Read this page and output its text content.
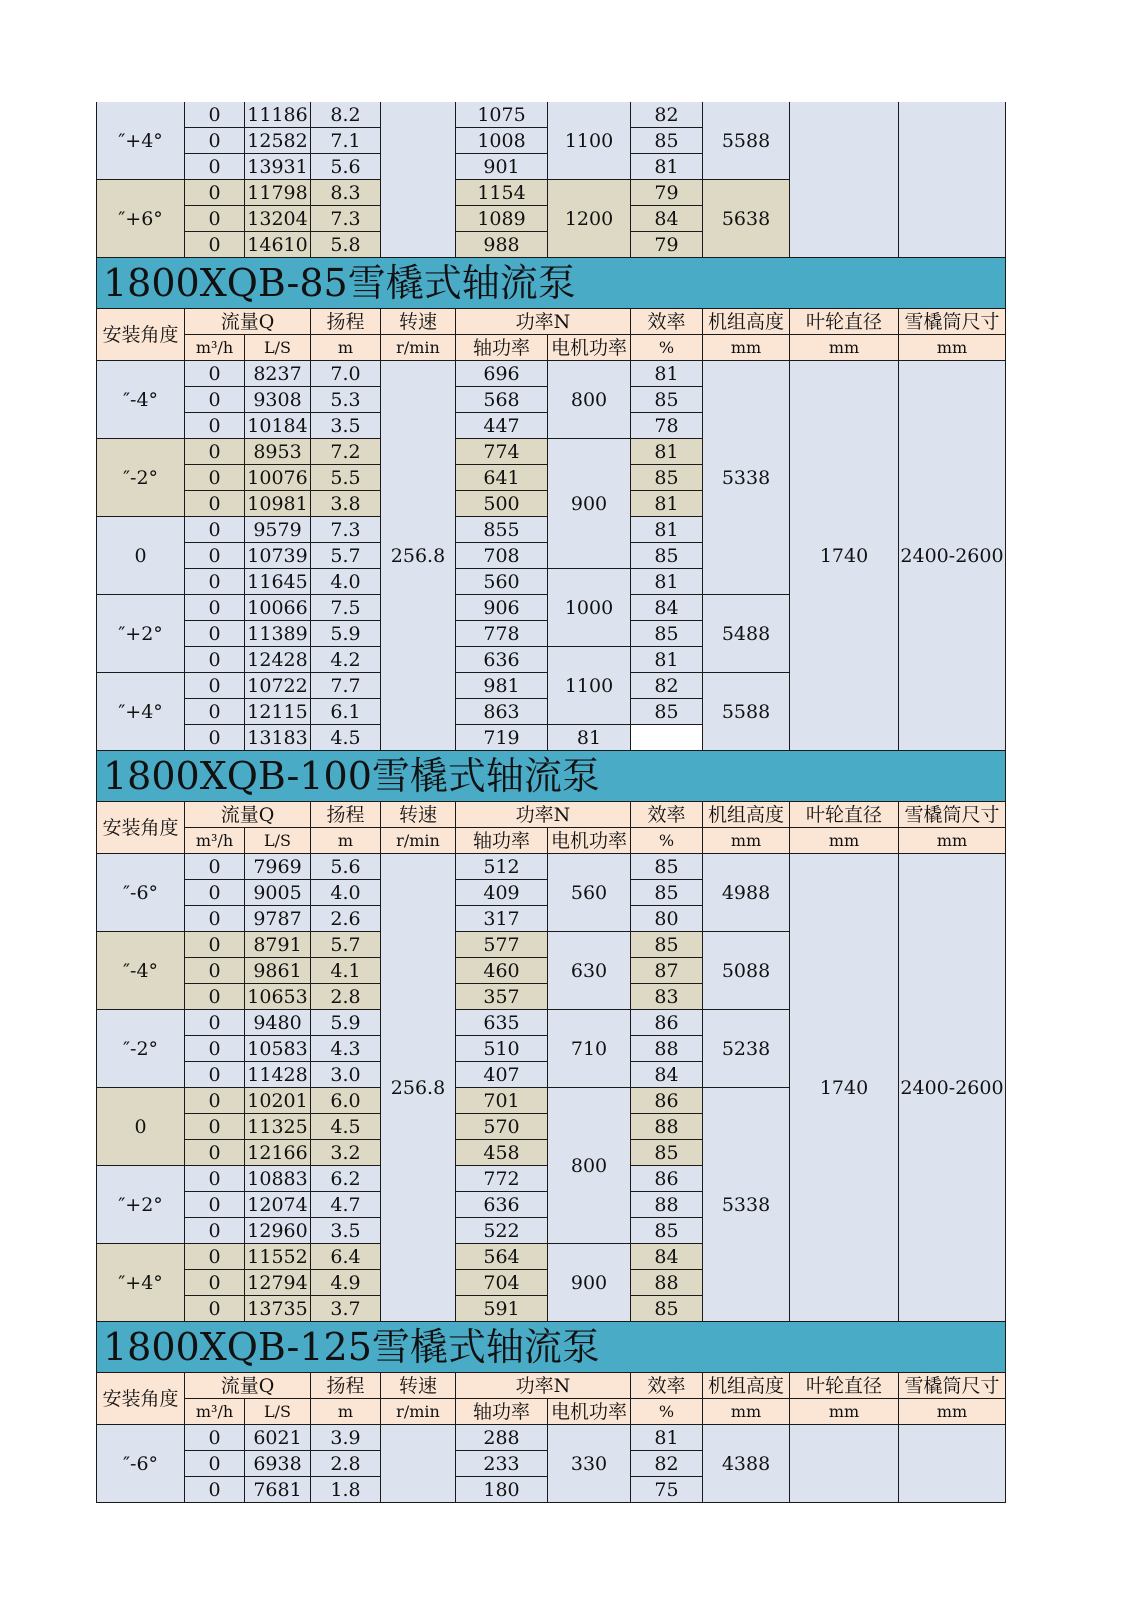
″+4°	0	11186	8.2		1075	1100	82	5588		
	0	12582	7.1		1008		85			
	0	13931	5.6		901		81			
″+6°	0	11798	8.3		1154	1200	79	5638		
	0	13204	7.3		1089		84			
	0	14610	5.8		988		79			
1800XQB-85雪橇式轴流泵										
安装角度	流量Q		扬程	转速	功率N		效率	机组高度	叶轮直径	雪橇筒尺寸
	m³/h	L/S	m	r/min	轴功率	电机功率	%	mm	mm	mm
″-4°	0	8237	7.0	256.8	696	800	81	5338	1740	2400-2600
	0	9308	5.3		568		85			
	0	10184	3.5		447		78			
″-2°	0	8953	7.2		774	900	81			
	0	10076	5.5		641		85			
	0	10981	3.8		500		81			
0	0	9579	7.3		855		81			
	0	10739	5.7		708		85			
	0	11645	4.0		560	1000	81			
″+2°	0	10066	7.5		906		84	5488		
	0	11389	5.9		778		85			
	0	12428	4.2		636	1100	81			
″+4°	0	10722	7.7		981		82	5588		
	0	12115	6.1		863		85			
	0	13183	4.5		719	81				
1800XQB-100雪橇式轴流泵										
安装角度	流量Q		扬程	转速	功率N		效率	机组高度	叶轮直径	雪橇筒尺寸
	m³/h	L/S	m	r/min	轴功率	电机功率	%	mm	mm	mm
″-6°	0	7969	5.6	256.8	512	560	85	4988	1740	2400-2600
	0	9005	4.0		409		85			
	0	9787	2.6		317		80			
″-4°	0	8791	5.7		577	630	85	5088		
	0	9861	4.1		460		87			
	0	10653	2.8		357		83			
″-2°	0	9480	5.9		635	710	86	5238		
	0	10583	4.3		510		88			
	0	11428	3.0		407		84			
0	0	10201	6.0		701	800	86	5338		
	0	11325	4.5		570		88			
	0	12166	3.2		458		85			
″+2°	0	10883	6.2		772		86			
	0	12074	4.7		636		88			
	0	12960	3.5		522		85			
″+4°	0	11552	6.4		564	900	84			
	0	12794	4.9		704		88			
	0	13735	3.7		591		85			
1800XQB-125雪橇式轴流泵										
安装角度	流量Q		扬程	转速	功率N		效率	机组高度	叶轮直径	雪橇筒尺寸
	m³/h	L/S	m	r/min	轴功率	电机功率	%	mm	mm	mm
″-6°	0	6021	3.9		288	330	81	4388		
	0	6938	2.8		233		82			
	0	7681	1.8		180		75			
